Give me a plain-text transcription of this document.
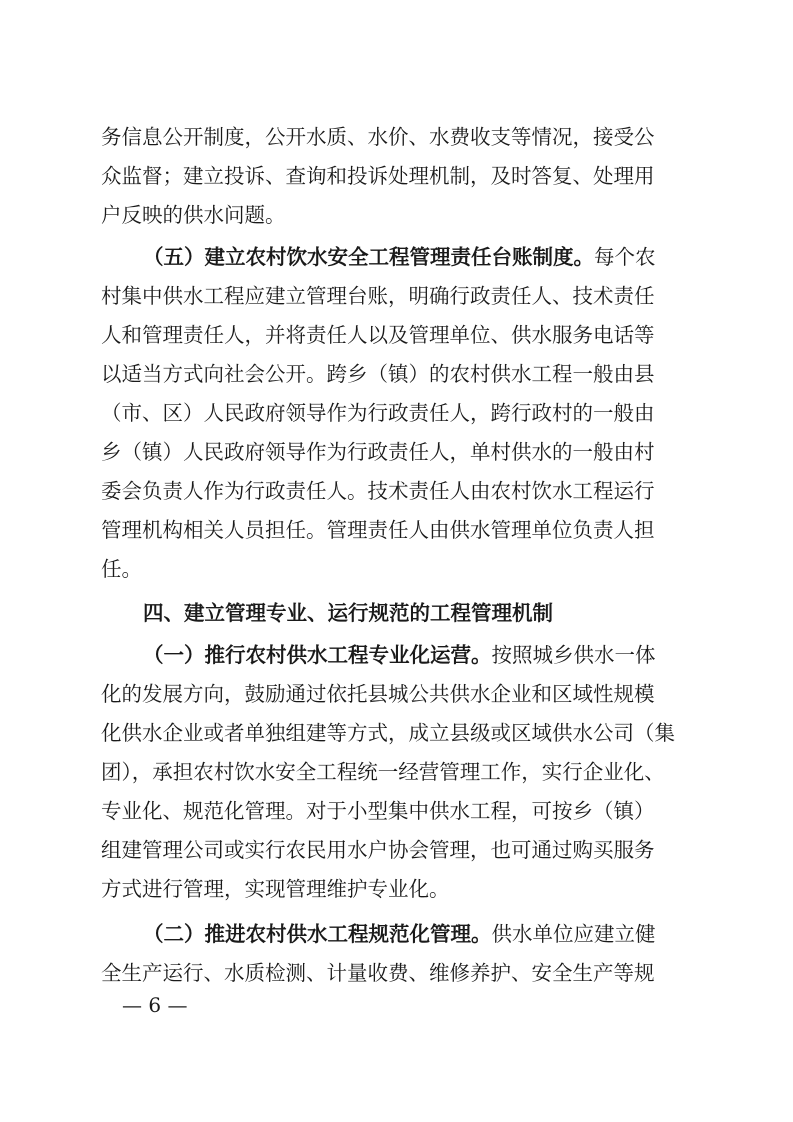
务信息公开制度，公开水质、水价、水费收支等情况，接受公
众监督；建立投诉、查询和投诉处理机制，及时答复、处理用
户反映的供水问题。
（五）建立农村饮水安全工程管理责任台账制度。每个农
村集中供水工程应建立管理台账，明确行政责任人、技术责任
人和管理责任人，并将责任人以及管理单位、供水服务电话等
以适当方式向社会公开。跨乡（镇）的农村供水工程一般由县
（市、区）人民政府领导作为行政责任人，跨行政村的一般由
乡（镇）人民政府领导作为行政责任人，单村供水的一般由村
委会负责人作为行政责任人。技术责任人由农村饮水工程运行
管理机构相关人员担任。管理责任人由供水管理单位负责人担
任。
四、建立管理专业、运行规范的工程管理机制
（一）推行农村供水工程专业化运营。按照城乡供水一体
化的发展方向，鼓励通过依托县城公共供水企业和区域性规模
化供水企业或者单独组建等方式，成立县级或区域供水公司（集
团），承担农村饮水安全工程统一经营管理工作，实行企业化、
专业化、规范化管理。对于小型集中供水工程，可按乡（镇）
组建管理公司或实行农民用水户协会管理，也可通过购买服务
方式进行管理，实现管理维护专业化。
（二）推进农村供水工程规范化管理。供水单位应建立健
全生产运行、水质检测、计量收费、维修养护、安全生产等规
— 6 —
